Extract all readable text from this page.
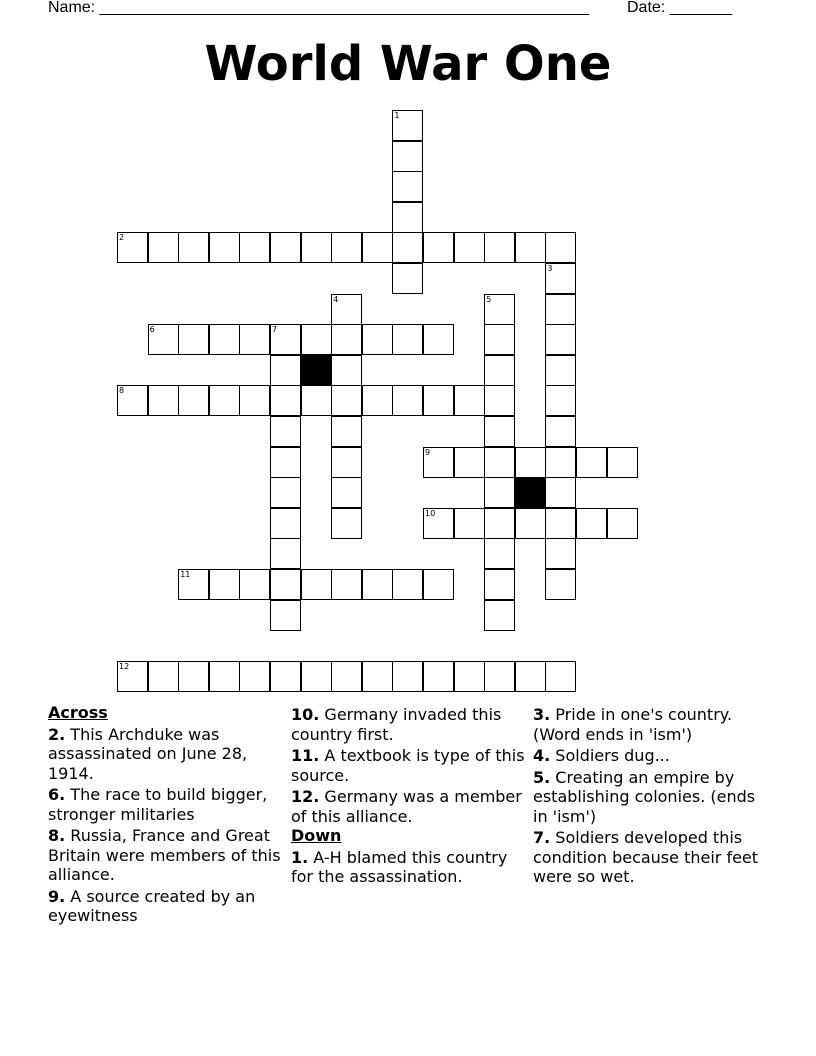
Name: _______________________________________________________ Date: _______
World War One
1
2
3
4	5
6	7
8
9
10
11
12
Across
2. This Archduke was assassinated on June 28, 1914.
6. The race to build bigger, stronger militaries
8. Russia, France and Great Britain were members of this alliance.
9. A source created by an eyewitness
10. Germany invaded this country first.
11. A textbook is type of this source.
12. Germany was a member of this alliance.
Down
1. A-H blamed this country for the assassination.
3. Pride in one's country. (Word ends in 'ism')
4. Soldiers dug...
5. Creating an empire by establishing colonies. (ends in 'ism')
7. Soldiers developed this condition because their feet were so wet.
